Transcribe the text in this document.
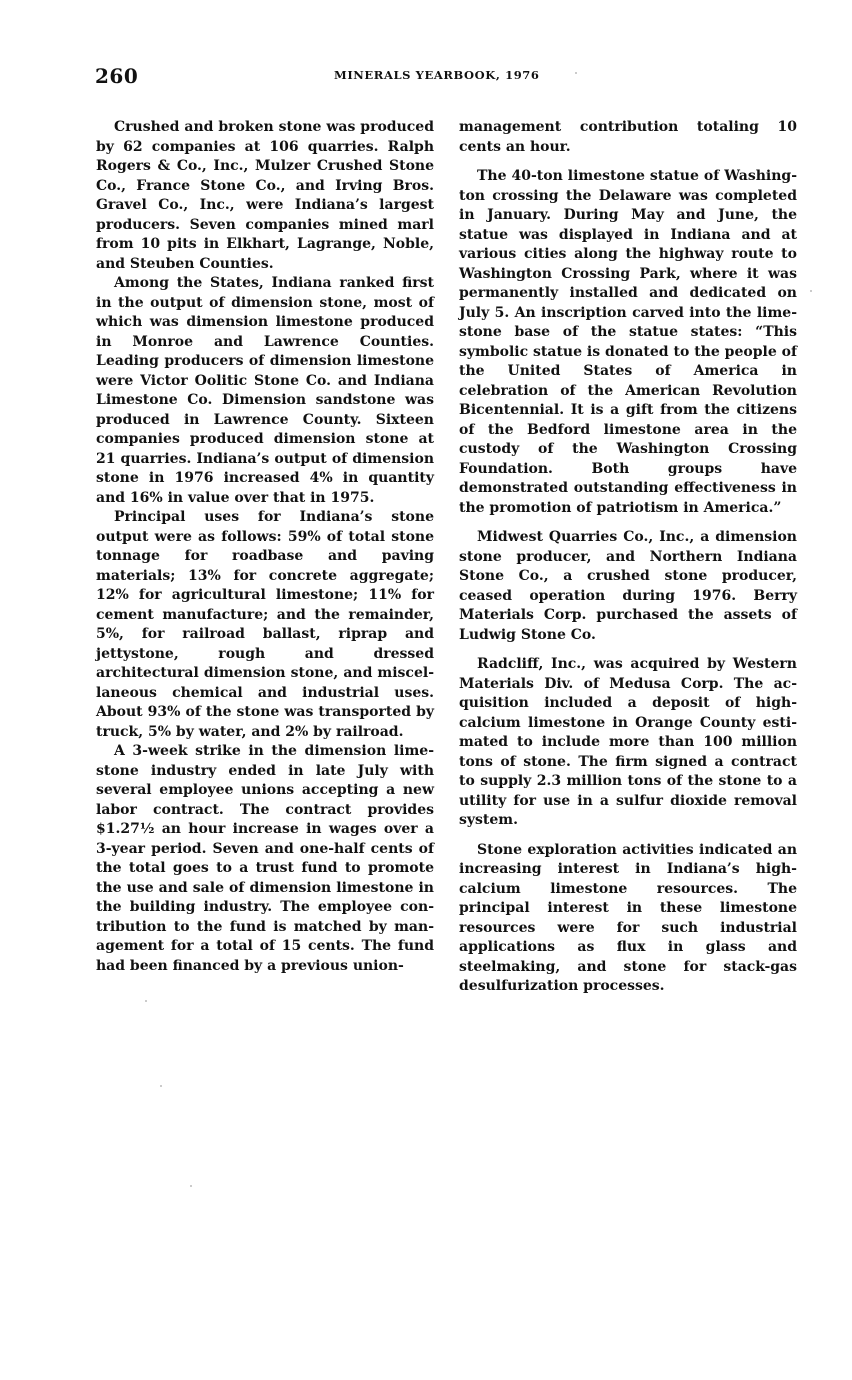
260	MINERALS YEARBOOK, 1976

Crushed and broken stone was produced by 62 companies at 106 quarries. Ralph Rogers & Co., Inc., Mulzer Crushed Stone Co., France Stone Co., and Irving Bros. Gravel Co., Inc., were Indiana’s largest producers. Seven companies mined marl from 10 pits in Elkhart, Lagrange, Noble, and Steuben Counties.

Among the States, Indiana ranked first in the output of dimension stone, most of which was dimension limestone produced in Monroe and Lawrence Counties. Leading producers of dimension limestone were Victor Oolitic Stone Co. and Indiana Limestone Co. Dimension sandstone was produced in Lawrence County. Sixteen companies produced dimension stone at 21 quarries. Indiana’s output of dimension stone in 1976 increased 4% in quantity and 16% in value over that in 1975.

Principal uses for Indiana’s stone output were as follows: 59% of total stone tonnage for roadbase and paving materials; 13% for concrete aggregate; 12% for agricultural limestone; 11% for cement manufacture; and the remainder, 5%, for railroad ballast, riprap and jettystone, rough and dressed architectural dimension stone, and miscellaneous chemical and industrial uses. About 93% of the stone was transported by truck, 5% by water, and 2% by railroad.

A 3-week strike in the dimension limestone industry ended in late July with several employee unions accepting a new labor contract. The contract provides $1.27½ an hour increase in wages over a 3-year period. Seven and one-half cents of the total goes to a trust fund to promote the use and sale of dimension limestone in the building industry. The employee contribution to the fund is matched by management for a total of 15 cents. The fund had been financed by a previous union-

management contribution totaling 10 cents an hour.

The 40-ton limestone statue of Washington crossing the Delaware was completed in January. During May and June, the statue was displayed in Indiana and at various cities along the highway route to Washington Crossing Park, where it was permanently installed and dedicated on July 5. An inscription carved into the limestone base of the statue states: “This symbolic statue is donated to the people of the United States of America in celebration of the American Revolution Bicentennial. It is a gift from the citizens of the Bedford limestone area in the custody of the Washington Crossing Foundation. Both groups have demonstrated outstanding effectiveness in the promotion of patriotism in America.”

Midwest Quarries Co., Inc., a dimension stone producer, and Northern Indiana Stone Co., a crushed stone producer, ceased operation during 1976. Berry Materials Corp. purchased the assets of Ludwig Stone Co.

Radcliff, Inc., was acquired by Western Materials Div. of Medusa Corp. The acquisition included a deposit of high-calcium limestone in Orange County estimated to include more than 100 million tons of stone. The firm signed a contract to supply 2.3 million tons of the stone to a utility for use in a sulfur dioxide removal system.

Stone exploration activities indicated an increasing interest in Indiana’s high-calcium limestone resources. The principal interest in these limestone resources were for such industrial applications as flux in glass and steelmaking, and stone for stack-gas desulfurization processes.
